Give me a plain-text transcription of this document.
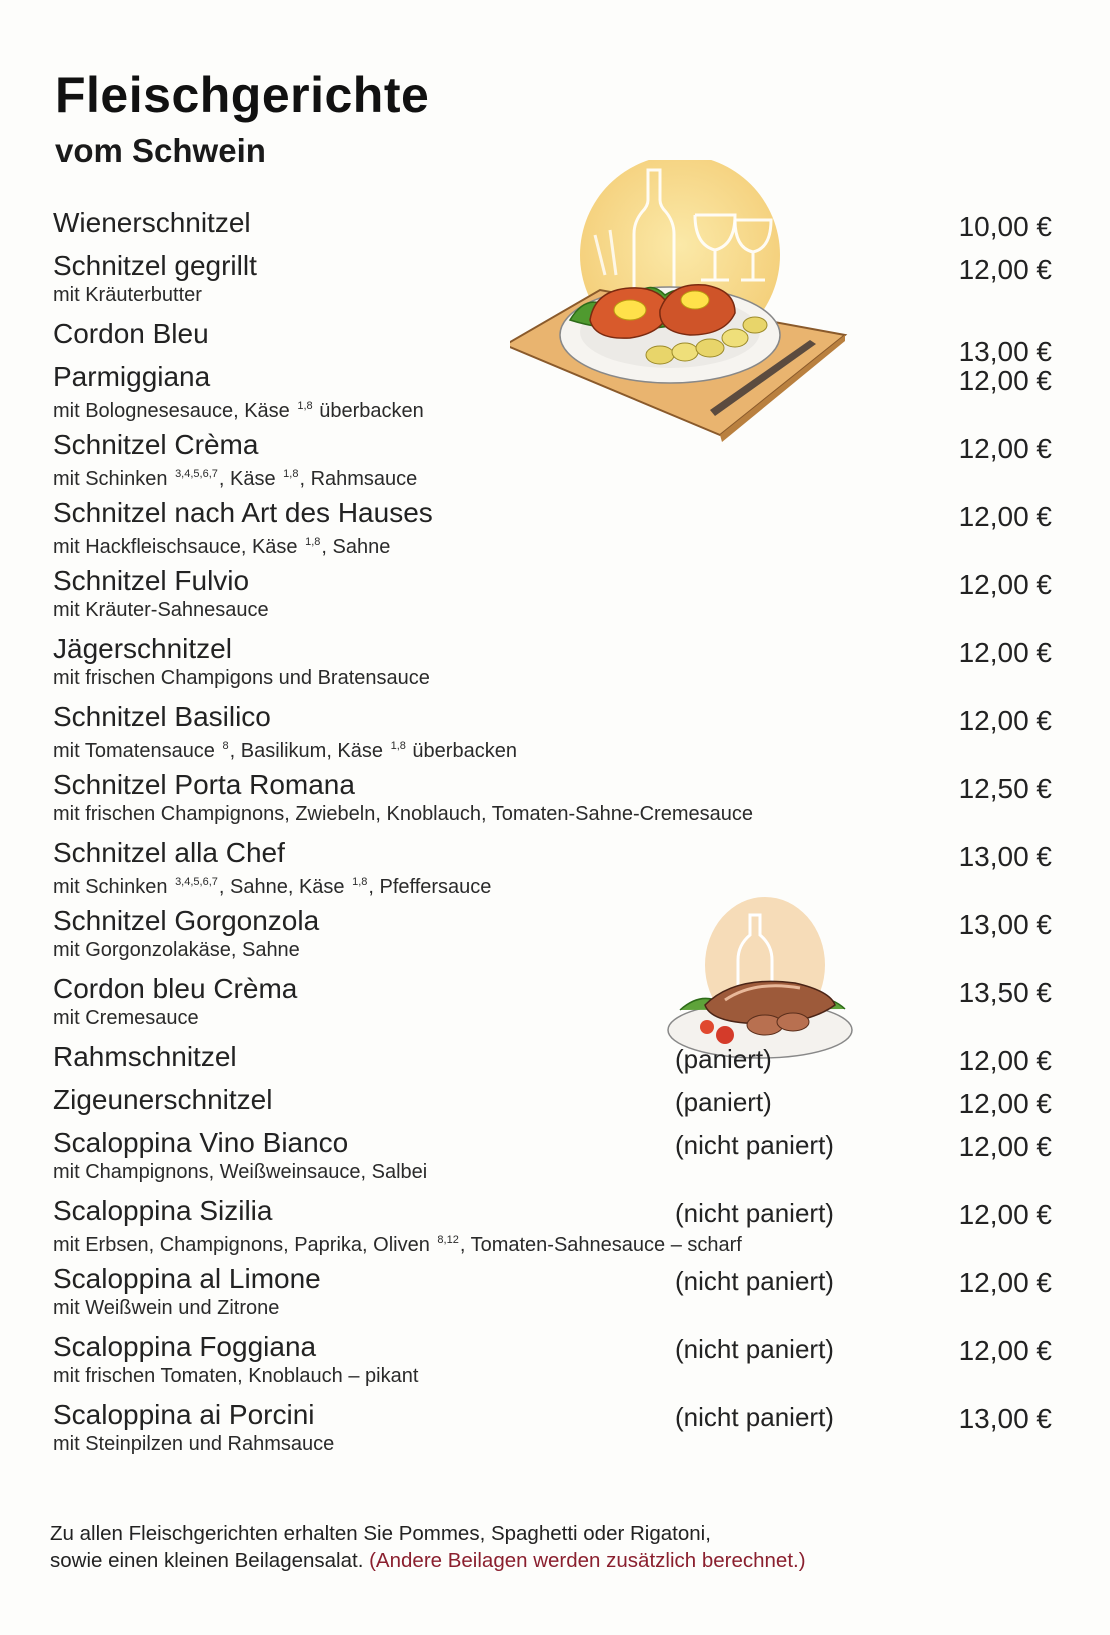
Fleischgerichte
vom Schwein
Wienerschnitzel	10,00 €
Schnitzel gegrillt
mit Kräuterbutter
12,00 €
Cordon Bleu
13,00 €
Parmiggiana
mit Bolognesesauce, Käse $^{1,8}$ überbacken
12,00 €
Schnitzel Crèma
mit Schinken $^{3,4,5,6,7}$, Käse $^{1,8}$, Rahmsauce
12,00 €
Schnitzel nach Art des Hauses
mit Hackfleischsauce, Käse $^{1,8}$, Sahne
12,00 €
Schnitzel Fulvio
mit Kräuter-Sahnesauce
12,00 €
Jägerschnitzel
mit frischen Champigons und Bratensauce
12,00 €
Schnitzel Basilico
mit Tomatensauce $^8$, Basilikum, Käse $^{1,8}$ überbacken
12,00 €
Schnitzel Porta Romana
mit frischen Champignons, Zwiebeln, Knoblauch, Tomaten-Sahne-Cremesauce
12,50 €
Schnitzel alla Chef
mit Schinken $^{3,4,5,6,7}$, Sahne, Käse $^{1,8}$, Pfeffersauce
13,00 €
Schnitzel Gorgonzola
mit Gorgonzolakäse, Sahne
13,00 €
Cordon bleu Crèma
mit Cremesauce
13,50 €
Rahmschnitzel	(paniert)	12,00 €
Zigeunerschnitzel	(paniert)	12,00 €
Scaloppina Vino Bianco
mit Champignons, Weißweinsauce, Salbei
(nicht paniert)	12,00 €
Scaloppina Sizilia
mit Erbsen, Champignons, Paprika, Oliven $^{8,12}$, Tomaten-Sahnesauce – scharf
(nicht paniert)	12,00 €
Scaloppina al Limone
mit Weißwein und Zitrone
(nicht paniert)	12,00 €
Scaloppina Foggiana
mit frischen Tomaten, Knoblauch – pikant
(nicht paniert)	12,00 €
Scaloppina ai Porcini
mit Steinpilzen und Rahmsauce
(nicht paniert)	13,00 €
Zu allen Fleischgerichten erhalten Sie Pommes, Spaghetti oder Rigatoni,
sowie einen kleinen Beilagensalat. (Andere Beilagen werden zusätzlich berechnet.)
